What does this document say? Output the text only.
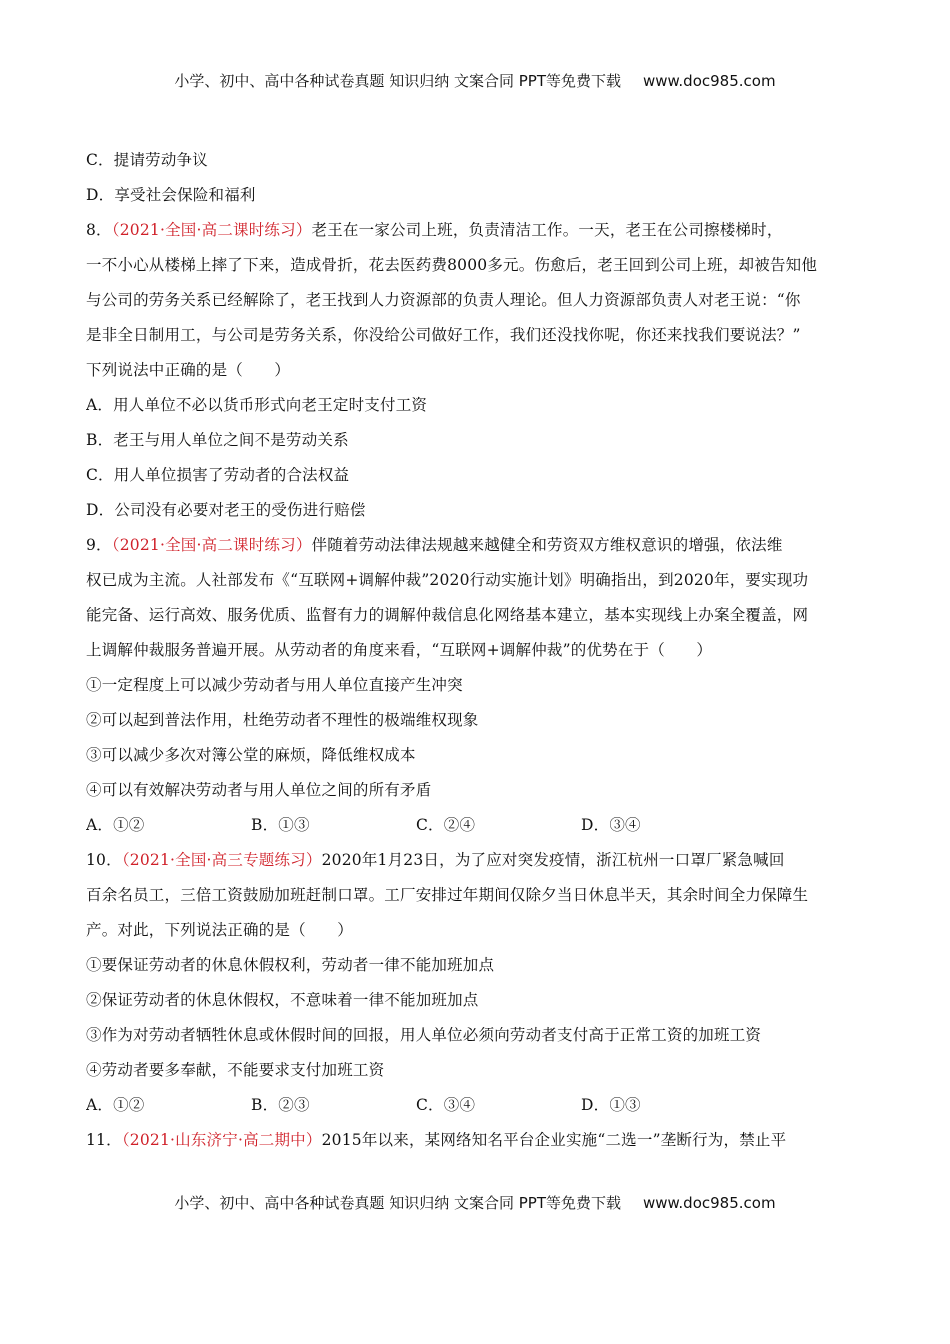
小学、初中、高中各种试卷真题 知识归纳 文案合同 PPT等免费下载 www.doc985.com
C．提请劳动争议
D．享受社会保险和福利
8．（2021·全国·高二课时练习）老王在一家公司上班，负责清洁工作。一天，老王在公司擦楼梯时，
一不小心从楼梯上摔了下来，造成骨折，花去医药费8000多元。伤愈后，老王回到公司上班，却被告知他
与公司的劳务关系已经解除了，老王找到人力资源部的负责人理论。但人力资源部负责人对老王说：“你
是非全日制用工，与公司是劳务关系，你没给公司做好工作，我们还没找你呢，你还来找我们要说法？”
下列说法中正确的是（　　）
A．用人单位不必以货币形式向老王定时支付工资
B．老王与用人单位之间不是劳动关系
C．用人单位损害了劳动者的合法权益
D．公司没有必要对老王的受伤进行赔偿
9．（2021·全国·高二课时练习）伴随着劳动法律法规越来越健全和劳资双方维权意识的增强，依法维
权已成为主流。人社部发布《“互联网+调解仲裁”2020行动实施计划》明确指出，到2020年，要实现功
能完备、运行高效、服务优质、监督有力的调解仲裁信息化网络基本建立，基本实现线上办案全覆盖，网
上调解仲裁服务普遍开展。从劳动者的角度来看，“互联网+调解仲裁”的优势在于（　　）
①一定程度上可以减少劳动者与用人单位直接产生冲突
②可以起到普法作用，杜绝劳动者不理性的极端维权现象
③可以减少多次对簿公堂的麻烦，降低维权成本
④可以有效解决劳动者与用人单位之间的所有矛盾
A．①②	B．①③	C．②④	D．③④
10．（2021·全国·高三专题练习）2020年1月23日，为了应对突发疫情，浙江杭州一口罩厂紧急喊回
百余名员工，三倍工资鼓励加班赶制口罩。工厂安排过年期间仅除夕当日休息半天，其余时间全力保障生
产。对此，下列说法正确的是（　　）
①要保证劳动者的休息休假权利，劳动者一律不能加班加点
②保证劳动者的休息休假权，不意味着一律不能加班加点
③作为对劳动者牺牲休息或休假时间的回报，用人单位必须向劳动者支付高于正常工资的加班工资
④劳动者要多奉献，不能要求支付加班工资
A．①②	B．②③	C．③④	D．①③
11．（2021·山东济宁·高二期中）2015年以来，某网络知名平台企业实施“二选一”垄断行为，禁止平
小学、初中、高中各种试卷真题 知识归纳 文案合同 PPT等免费下载 www.doc985.com
